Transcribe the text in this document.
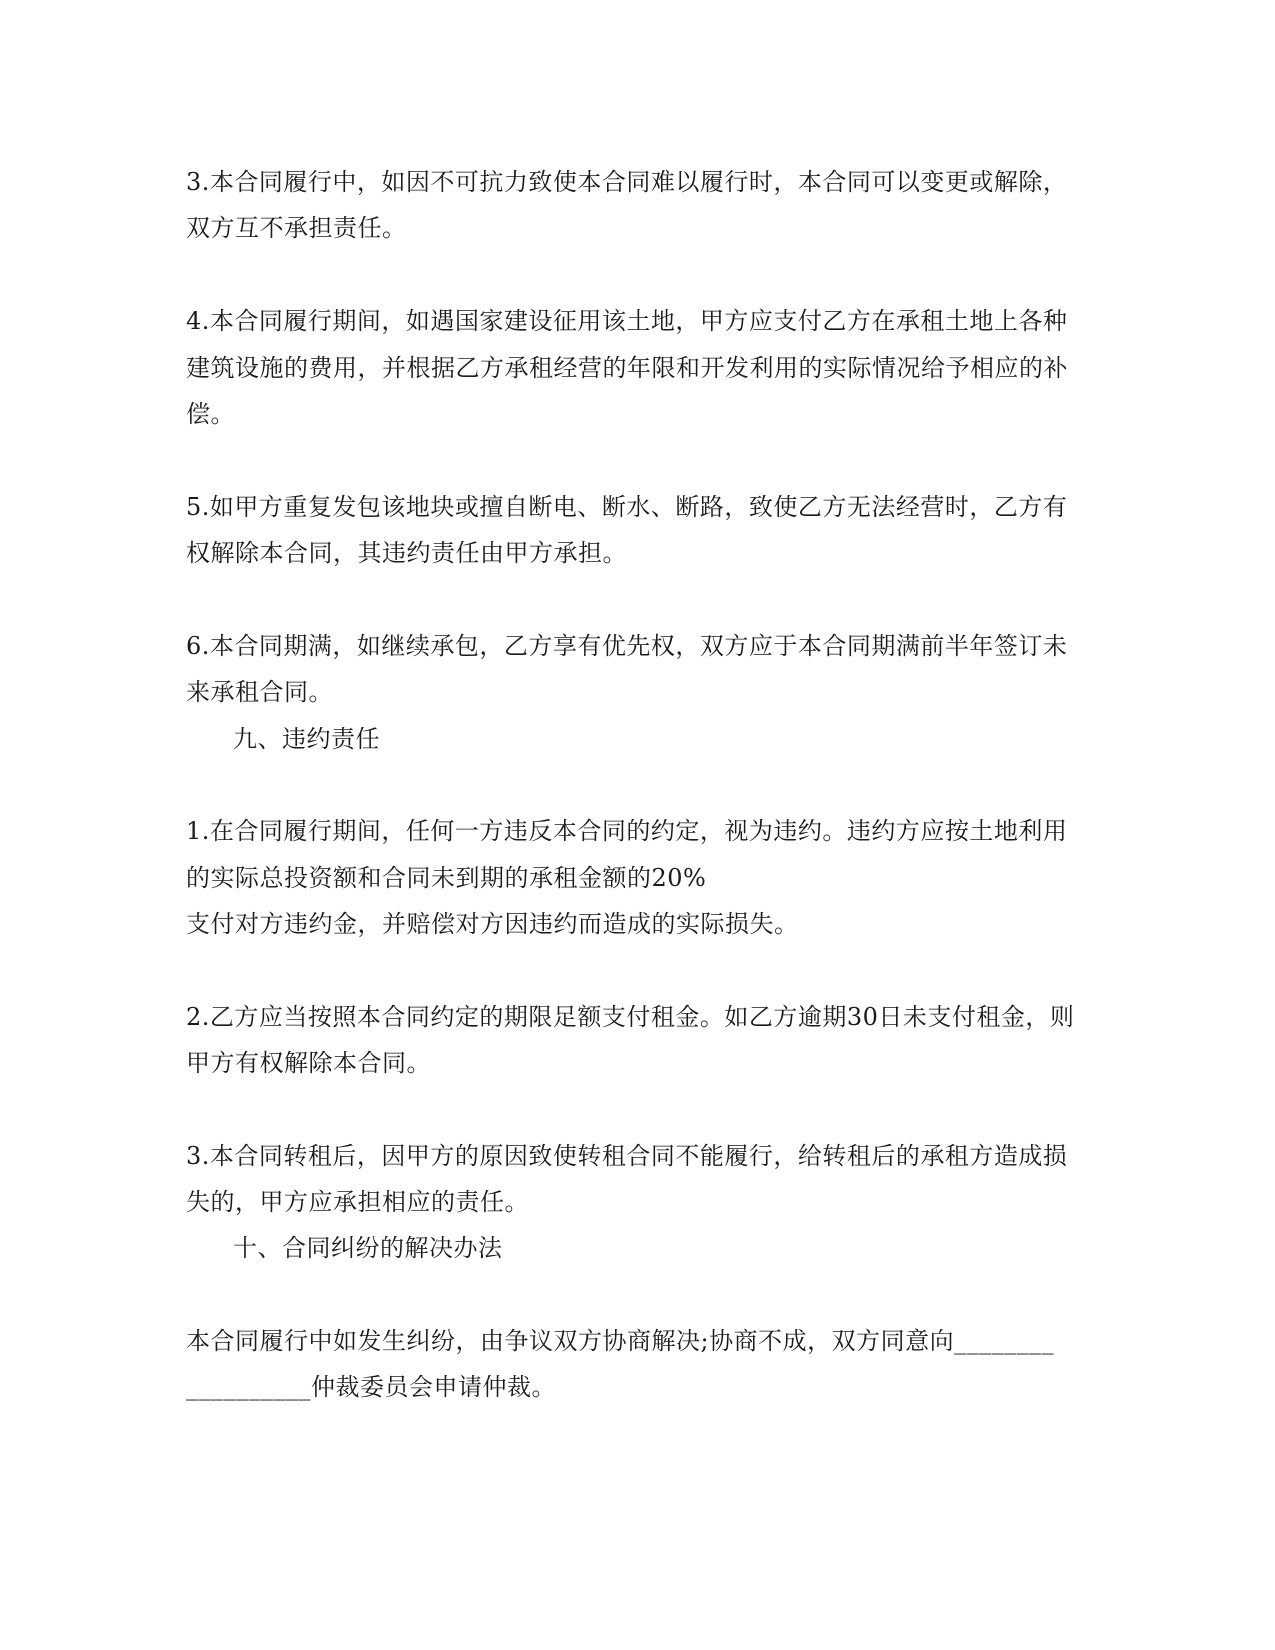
3.本合同履行中，如因不可抗力致使本合同难以履行时，本合同可以变更或解除，
双方互不承担责任。
4.本合同履行期间，如遇国家建设征用该土地，甲方应支付乙方在承租土地上各种
建筑设施的费用，并根据乙方承租经营的年限和开发利用的实际情况给予相应的补
偿。
5.如甲方重复发包该地块或擅自断电、断水、断路，致使乙方无法经营时，乙方有
权解除本合同，其违约责任由甲方承担。
6.本合同期满，如继续承包，乙方享有优先权，双方应于本合同期满前半年签订未
来承租合同。
九、违约责任
1.在合同履行期间，任何一方违反本合同的约定，视为违约。违约方应按土地利用
的实际总投资额和合同未到期的承租金额的20%
支付对方违约金，并赔偿对方因违约而造成的实际损失。
2.乙方应当按照本合同约定的期限足额支付租金。如乙方逾期30日未支付租金，则
甲方有权解除本合同。
3.本合同转租后，因甲方的原因致使转租合同不能履行，给转租后的承租方造成损
失的，甲方应承担相应的责任。
十、合同纠纷的解决办法
本合同履行中如发生纠纷，由争议双方协商解决;协商不成，双方同意向________
__________仲裁委员会申请仲裁。
